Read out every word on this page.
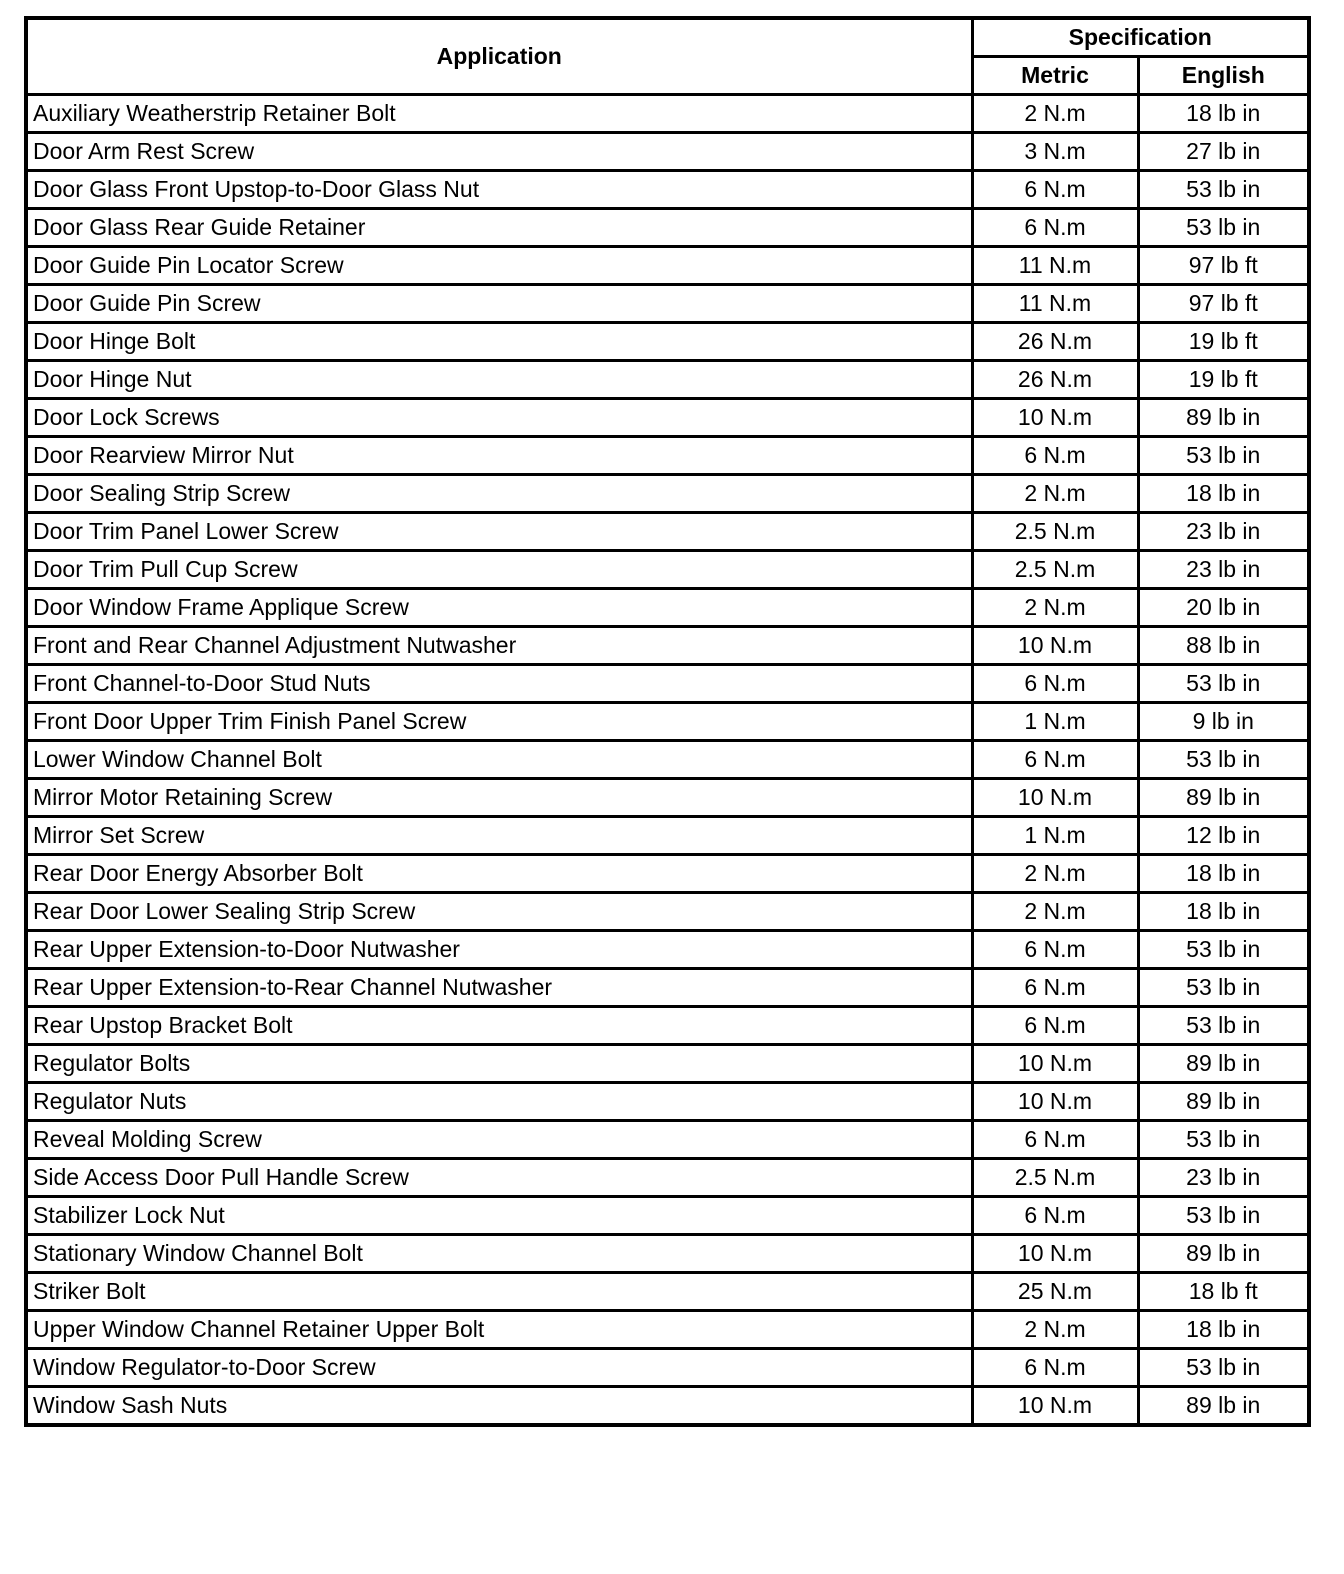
Application	Specification	
	Metric	English
Auxiliary Weatherstrip Retainer Bolt	2 N.m	18 lb in
Door Arm Rest Screw	3 N.m	27 lb in
Door Glass Front Upstop-to-Door Glass Nut	6 N.m	53 lb in
Door Glass Rear Guide Retainer	6 N.m	53 lb in
Door Guide Pin Locator Screw	11 N.m	97 lb ft
Door Guide Pin Screw	11 N.m	97 lb ft
Door Hinge Bolt	26 N.m	19 lb ft
Door Hinge Nut	26 N.m	19 lb ft
Door Lock Screws	10 N.m	89 lb in
Door Rearview Mirror Nut	6 N.m	53 lb in
Door Sealing Strip Screw	2 N.m	18 lb in
Door Trim Panel Lower Screw	2.5 N.m	23 lb in
Door Trim Pull Cup Screw	2.5 N.m	23 lb in
Door Window Frame Applique Screw	2 N.m	20 lb in
Front and Rear Channel Adjustment Nutwasher	10 N.m	88 lb in
Front Channel-to-Door Stud Nuts	6 N.m	53 lb in
Front Door Upper Trim Finish Panel Screw	1 N.m	9 lb in
Lower Window Channel Bolt	6 N.m	53 lb in
Mirror Motor Retaining Screw	10 N.m	89 lb in
Mirror Set Screw	1 N.m	12 lb in
Rear Door Energy Absorber Bolt	2 N.m	18 lb in
Rear Door Lower Sealing Strip Screw	2 N.m	18 lb in
Rear Upper Extension-to-Door Nutwasher	6 N.m	53 lb in
Rear Upper Extension-to-Rear Channel Nutwasher	6 N.m	53 lb in
Rear Upstop Bracket Bolt	6 N.m	53 lb in
Regulator Bolts	10 N.m	89 lb in
Regulator Nuts	10 N.m	89 lb in
Reveal Molding Screw	6 N.m	53 lb in
Side Access Door Pull Handle Screw	2.5 N.m	23 lb in
Stabilizer Lock Nut	6 N.m	53 lb in
Stationary Window Channel Bolt	10 N.m	89 lb in
Striker Bolt	25 N.m	18 lb ft
Upper Window Channel Retainer Upper Bolt	2 N.m	18 lb in
Window Regulator-to-Door Screw	6 N.m	53 lb in
Window Sash Nuts	10 N.m	89 lb in
